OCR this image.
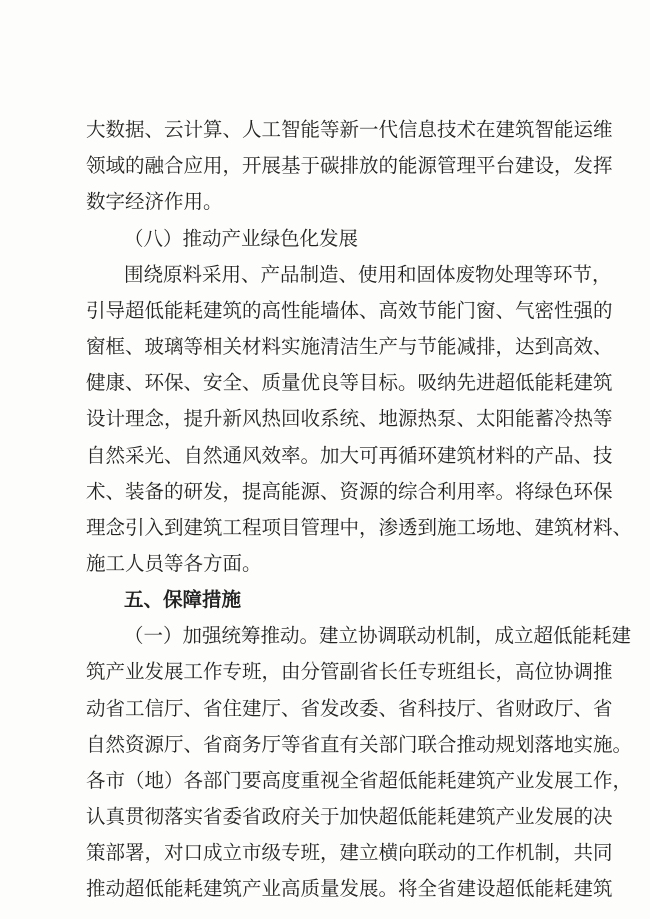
大数据、云计算、人工智能等新一代信息技术在建筑智能运维
领域的融合应用，开展基于碳排放的能源管理平台建设，发挥
数字经济作用。
（八）推动产业绿色化发展
围绕原料采用、产品制造、使用和固体废物处理等环节，
引导超低能耗建筑的高性能墙体、高效节能门窗、气密性强的
窗框、玻璃等相关材料实施清洁生产与节能减排，达到高效、
健康、环保、安全、质量优良等目标。吸纳先进超低能耗建筑
设计理念，提升新风热回收系统、地源热泵、太阳能蓄冷热等
自然采光、自然通风效率。加大可再循环建筑材料的产品、技
术、装备的研发，提高能源、资源的综合利用率。将绿色环保
理念引入到建筑工程项目管理中，渗透到施工场地、建筑材料、
施工人员等各方面。
五、保障措施
（一）加强统筹推动。建立协调联动机制，成立超低能耗建
筑产业发展工作专班，由分管副省长任专班组长，高位协调推
动省工信厅、省住建厅、省发改委、省科技厅、省财政厅、省
自然资源厅、省商务厅等省直有关部门联合推动规划落地实施。
各市（地）各部门要高度重视全省超低能耗建筑产业发展工作，
认真贯彻落实省委省政府关于加快超低能耗建筑产业发展的决
策部署，对口成立市级专班，建立横向联动的工作机制，共同
推动超低能耗建筑产业高质量发展。将全省建设超低能耗建筑
